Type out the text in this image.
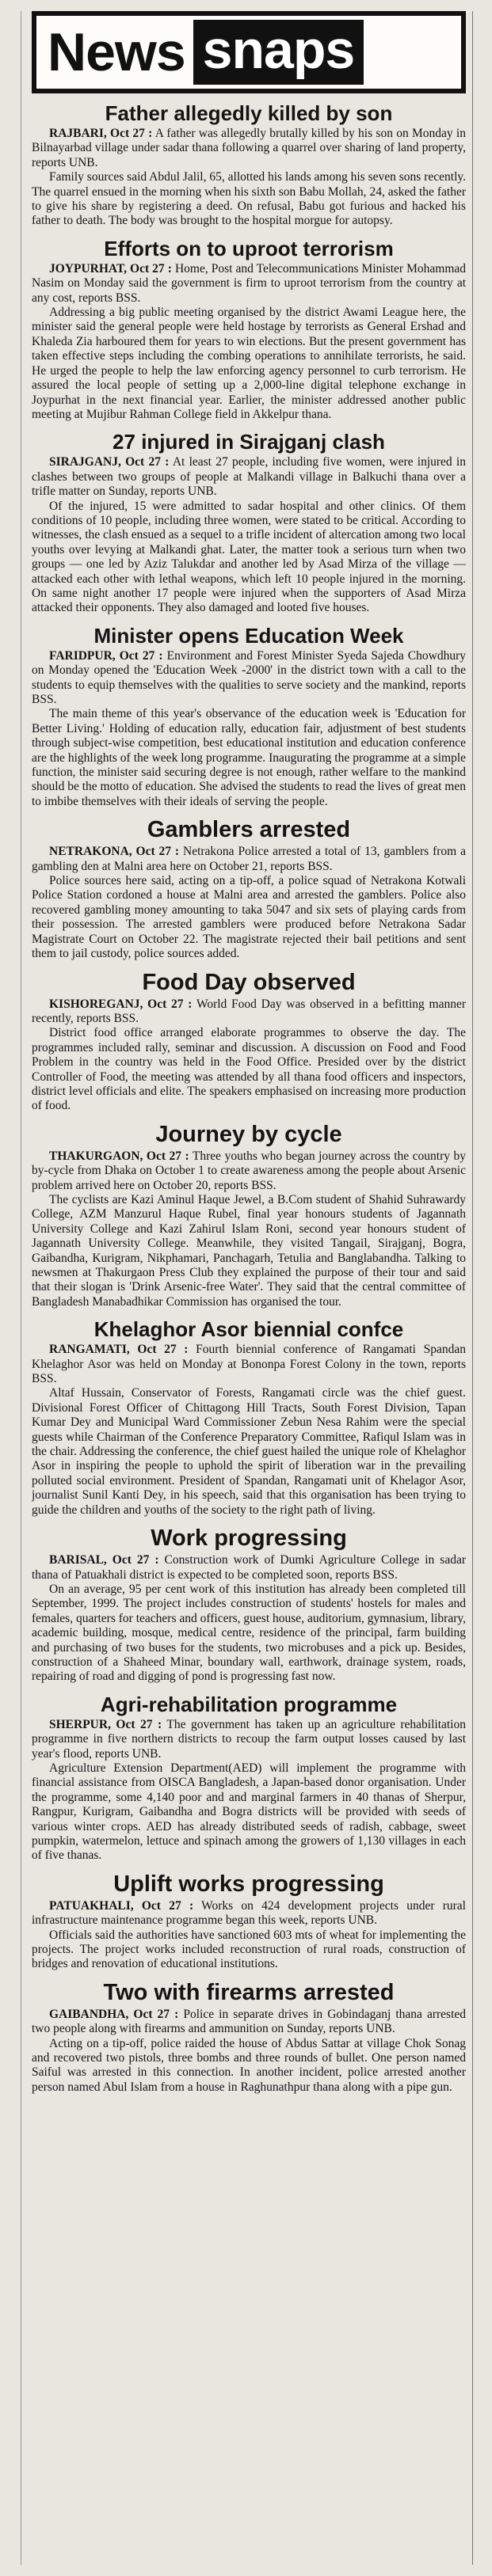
News snaps
Father allegedly killed by son

RAJBARI, Oct 27 : A father was allegedly brutally killed by his son on Monday in Bilnayarbad village under sadar thana following a quarrel over sharing of land property, reports UNB.

Family sources said Abdul Jalil, 65, allotted his lands among his seven sons recently. The quarrel ensued in the morning when his sixth son Babu Mollah, 24, asked the father to give his share by registering a deed. On refusal, Babu got furious and hacked his father to death. The body was brought to the hospital morgue for autopsy.

Efforts on to uproot terrorism

JOYPURHAT, Oct 27 : Home, Post and Telecommunications Minister Mohammad Nasim on Monday said the government is firm to uproot terrorism from the country at any cost, reports BSS.

Addressing a big public meeting organised by the district Awami League here, the minister said the general people were held hostage by terrorists as General Ershad and Khaleda Zia harboured them for years to win elections. But the present government has taken effective steps including the combing operations to annihilate terrorists, he said. He urged the people to help the law enforcing agency personnel to curb terrorism. He assured the local people of setting up a 2,000-line digital telephone exchange in Joypurhat in the next financial year. Earlier, the minister addressed another public meeting at Mujibur Rahman College field in Akkelpur thana.

27 injured in Sirajganj clash

SIRAJGANJ, Oct 27 : At least 27 people, including five women, were injured in clashes between two groups of people at Malkandi village in Balkuchi thana over a trifle matter on Sunday, reports UNB.

Of the injured, 15 were admitted to sadar hospital and other clinics. Of them conditions of 10 people, including three women, were stated to be critical. According to witnesses, the clash ensued as a sequel to a trifle incident of altercation among two local youths over levying at Malkandi ghat. Later, the matter took a serious turn when two groups — one led by Aziz Talukdar and another led by Asad Mirza of the village — attacked each other with lethal weapons, which left 10 people injured in the morning. On same night another 17 people were injured when the supporters of Asad Mirza attacked their opponents. They also damaged and looted five houses.

Minister opens Education Week

FARIDPUR, Oct 27 : Environment and Forest Minister Syeda Sajeda Chowdhury on Monday opened the 'Education Week -2000' in the district town with a call to the students to equip themselves with the qualities to serve society and the mankind, reports BSS.

The main theme of this year's observance of the education week is 'Education for Better Living.' Holding of education rally, education fair, adjustment of best students through subject-wise competition, best educational institution and education conference are the highlights of the week long programme. Inaugurating the programme at a simple function, the minister said securing degree is not enough, rather welfare to the mankind should be the motto of education. She advised the students to read the lives of great men to imbibe themselves with their ideals of serving the people.

Gamblers arrested

NETRAKONA, Oct 27 : Netrakona Police arrested a total of 13, gamblers from a gambling den at Malni area here on October 21, reports BSS.

Police sources here said, acting on a tip-off, a police squad of Netrakona Kotwali Police Station cordoned a house at Malni area and arrested the gamblers. Police also recovered gambling money amounting to taka 5047 and six sets of playing cards from their possession. The arrested gamblers were produced before Netrakona Sadar Magistrate Court on October 22. The magistrate rejected their bail petitions and sent them to jail custody, police sources added.

Food Day observed

KISHOREGANJ, Oct 27 : World Food Day was observed in a befitting manner recently, reports BSS.

District food office arranged elaborate programmes to observe the day. The programmes included rally, seminar and discussion. A discussion on Food and Food Problem in the country was held in the Food Office. Presided over by the district Controller of Food, the meeting was attended by all thana food officers and inspectors, district level officials and elite. The speakers emphasised on increasing more production of food.

Journey by cycle

THAKURGAON, Oct 27 : Three youths who began journey across the country by by-cycle from Dhaka on October 1 to create awareness among the people about Arsenic problem arrived here on October 20, reports BSS.

The cyclists are Kazi Aminul Haque Jewel, a B.Com student of Shahid Suhrawardy College, AZM Manzurul Haque Rubel, final year honours students of Jagannath University College and Kazi Zahirul Islam Roni, second year honours student of Jagannath University College. Meanwhile, they visited Tangail, Sirajganj, Bogra, Gaibandha, Kurigram, Nikphamari, Panchagarh, Tetulia and Banglabandha. Talking to newsmen at Thakurgaon Press Club they explained the purpose of their tour and said that their slogan is 'Drink Arsenic-free Water'. They said that the central committee of Bangladesh Manabadhikar Commission has organised the tour.

Khelaghor Asor biennial confce

RANGAMATI, Oct 27 : Fourth biennial conference of Rangamati Spandan Khelaghor Asor was held on Monday at Bononpa Forest Colony in the town, reports BSS.

Altaf Hussain, Conservator of Forests, Rangamati circle was the chief guest. Divisional Forest Officer of Chittagong Hill Tracts, South Forest Division, Tapan Kumar Dey and Municipal Ward Commissioner Zebun Nesa Rahim were the special guests while Chairman of the Conference Preparatory Committee, Rafiqul Islam was in the chair. Addressing the conference, the chief guest hailed the unique role of Khelaghor Asor in inspiring the people to uphold the spirit of liberation war in the prevailing polluted social environment. President of Spandan, Rangamati unit of Khelagor Asor, journalist Sunil Kanti Dey, in his speech, said that this organisation has been trying to guide the children and youths of the society to the right path of living.

Work progressing

BARISAL, Oct 27 : Construction work of Dumki Agriculture College in sadar thana of Patuakhali district is expected to be completed soon, reports BSS.

On an average, 95 per cent work of this institution has already been completed till September, 1999. The project includes construction of students' hostels for males and females, quarters for teachers and officers, guest house, auditorium, gymnasium, library, academic building, mosque, medical centre, residence of the principal, farm building and purchasing of two buses for the students, two microbuses and a pick up. Besides, construction of a Shaheed Minar, boundary wall, earthwork, drainage system, roads, repairing of road and digging of pond is progressing fast now.

Agri-rehabilitation programme

SHERPUR, Oct 27 : The government has taken up an agriculture rehabilitation programme in five northern districts to recoup the farm output losses caused by last year's flood, reports UNB.

Agriculture Extension Department(AED) will implement the programme with financial assistance from OISCA Bangladesh, a Japan-based donor organisation. Under the programme, some 4,140 poor and and marginal farmers in 40 thanas of Sherpur, Rangpur, Kurigram, Gaibandha and Bogra districts will be provided with seeds of various winter crops. AED has already distributed seeds of radish, cabbage, sweet pumpkin, watermelon, lettuce and spinach among the growers of 1,130 villages in each of five thanas.

Uplift works progressing

PATUAKHALI, Oct 27 : Works on 424 development projects under rural infrastructure maintenance programme began this week, reports UNB.

Officials said the authorities have sanctioned 603 mts of wheat for implementing the projects. The project works included reconstruction of rural roads, construction of bridges and renovation of educational institutions.

Two with firearms arrested

GAIBANDHA, Oct 27 : Police in separate drives in Gobindaganj thana arrested two people along with firearms and ammunition on Sunday, reports UNB.

Acting on a tip-off, police raided the house of Abdus Sattar at village Chok Sonag and recovered two pistols, three bombs and three rounds of bullet. One person named Saiful was arrested in this connection. In another incident, police arrested another person named Abul Islam from a house in Raghunathpur thana along with a pipe gun.
